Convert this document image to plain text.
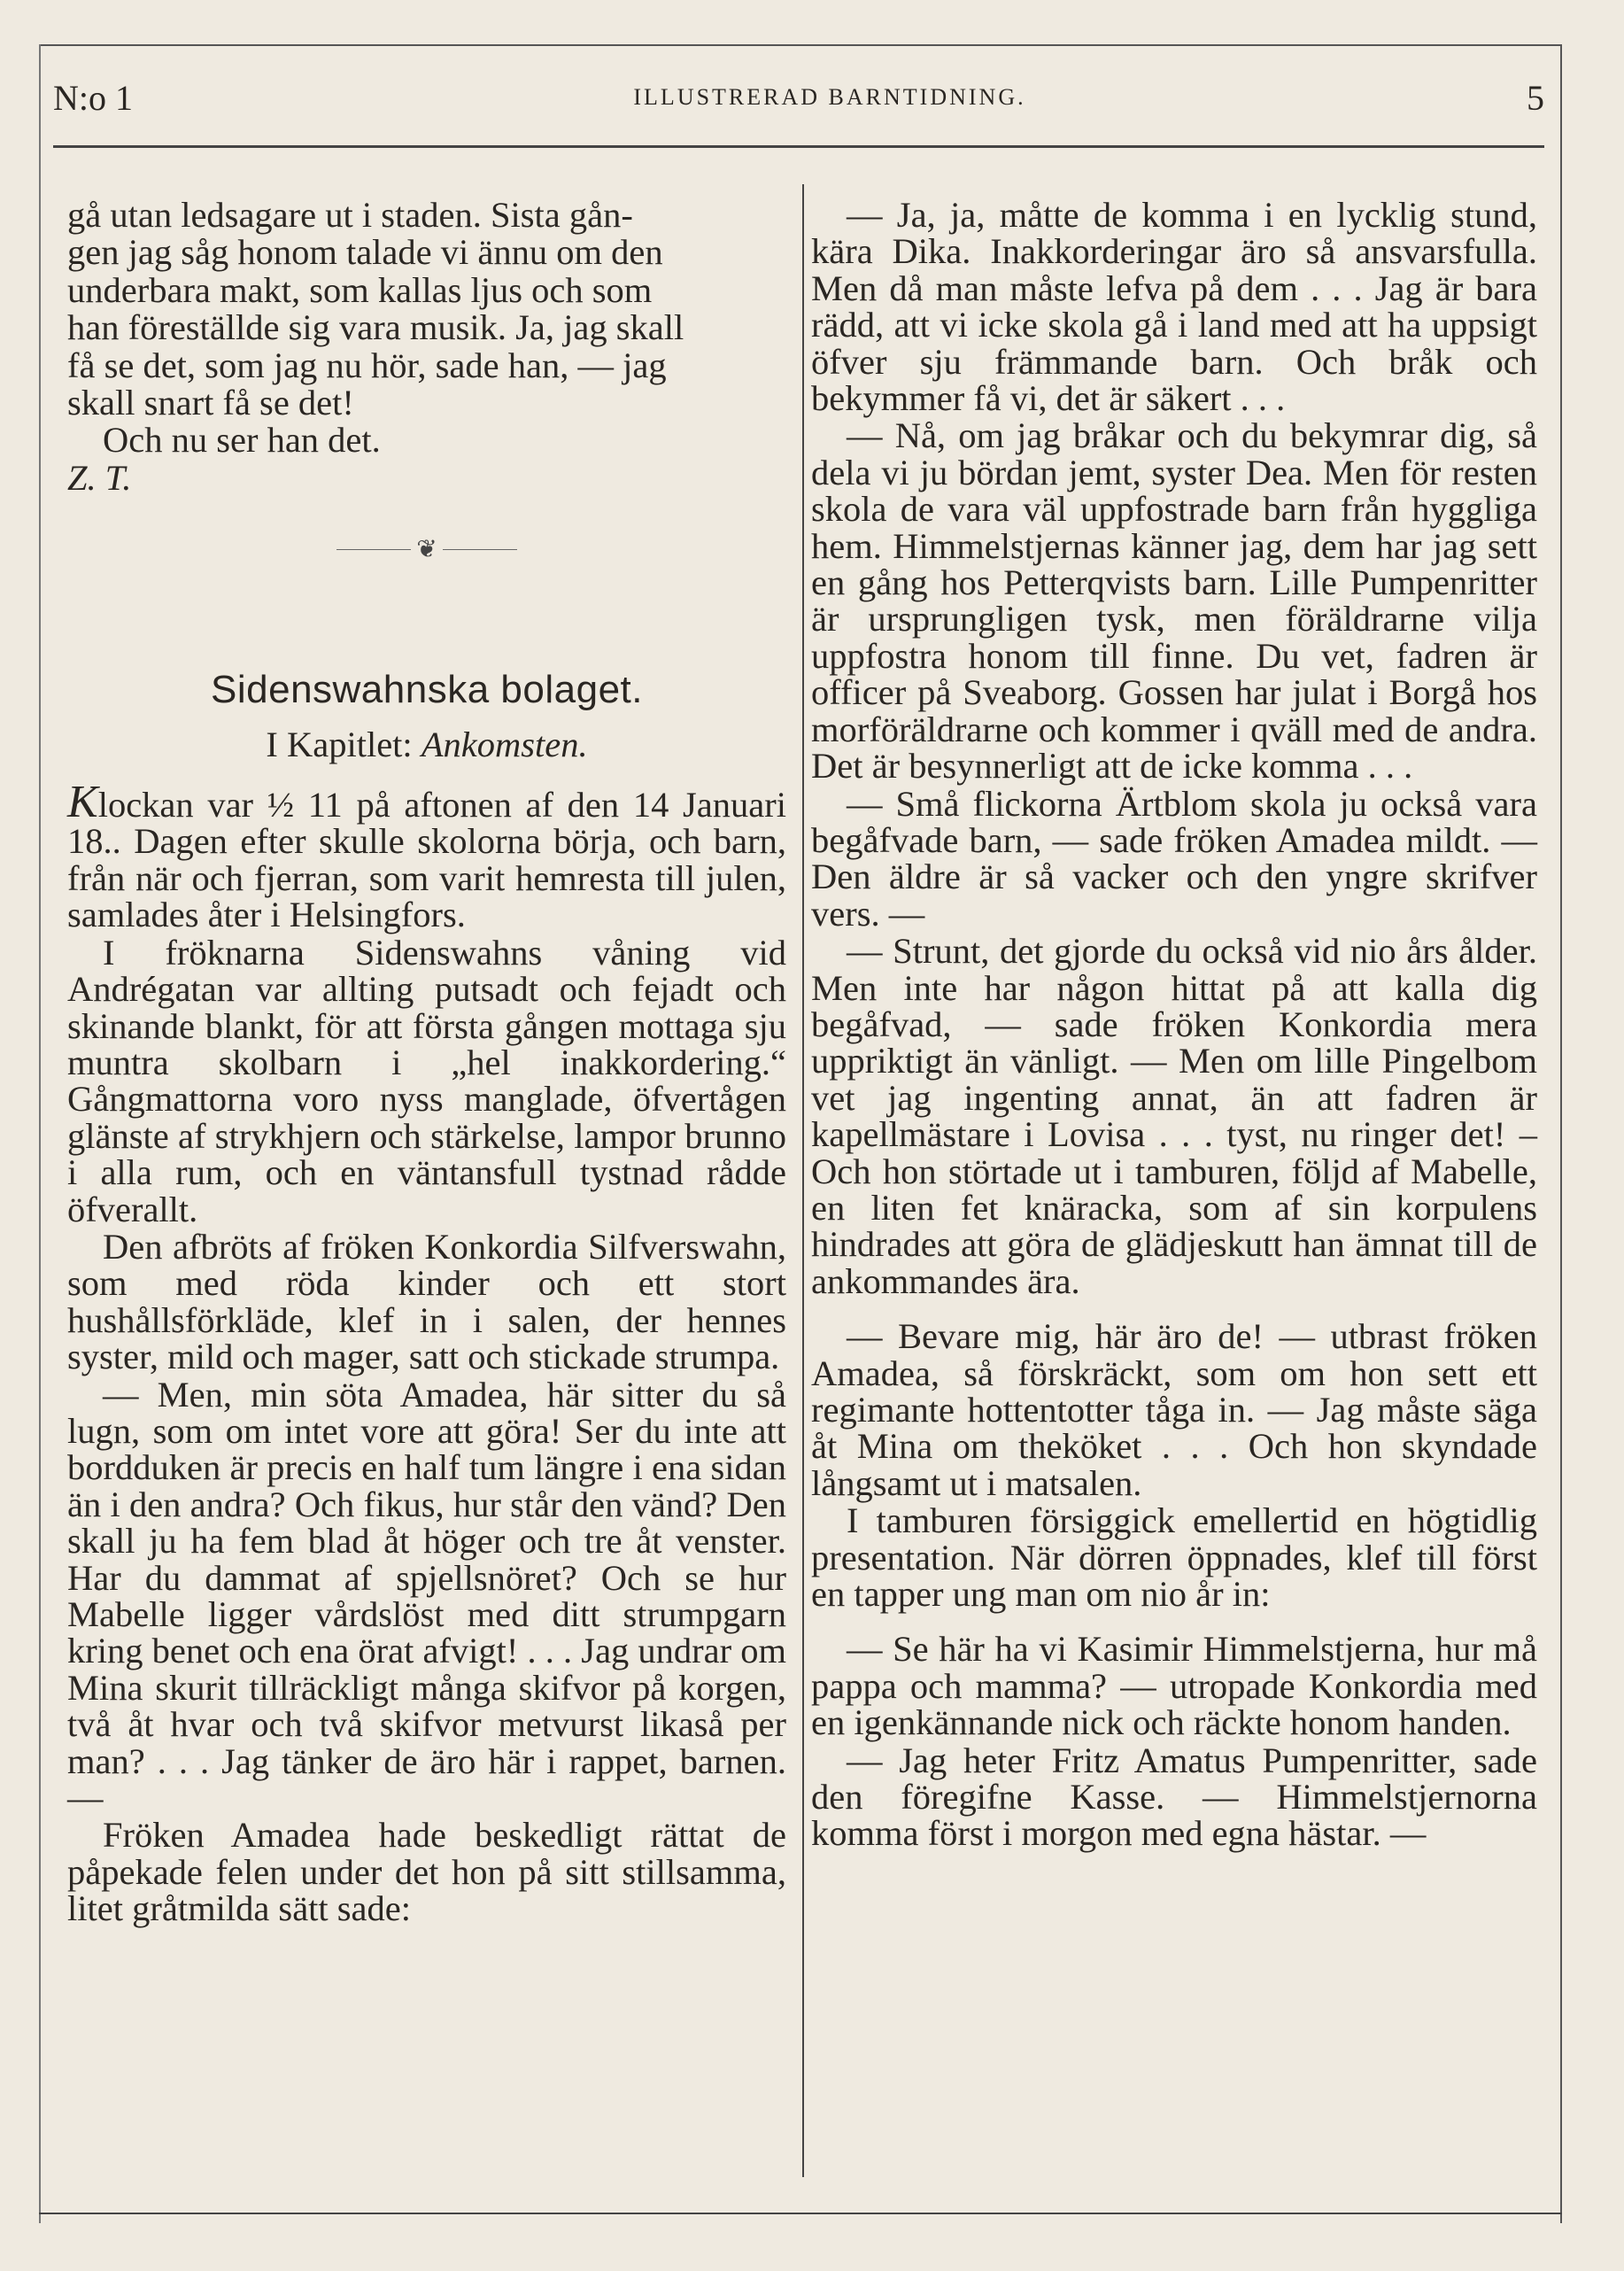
N:o 1	ILLUSTRERAD BARNTIDNING.	5

gå utan ledsagare ut i staden. Sista gån-

gen jag såg honom talade vi ännu om den

underbara makt, som kallas ljus och som

han föreställde sig vara musik. Ja, jag skall

få se det, som jag nu hör, sade han, — jag

skall snart få se det!

Och nu ser han det.

Z. T.

❦
Sidenswahnska bolaget.
I Kapitlet: Ankomsten.

Klockan var ½ 11 på aftonen af den 14 Januari 18.. Dagen efter skulle skolorna börja, och barn, från när och fjerran, som varit hemresta till julen, samlades åter i Helsingfors.

I fröknarna Sidenswahns våning vid Andrégatan var allting putsadt och fejadt och skinande blankt, för att första gången mottaga sju muntra skolbarn i „hel inakkordering.“ Gångmattorna voro nyss manglade, öfvertågen glänste af strykhjern och stärkelse, lampor brunno i alla rum, och en väntansfull tystnad rådde öfverallt.

Den afbröts af fröken Konkordia Silfverswahn, som med röda kinder och ett stort hushållsförkläde, klef in i salen, der hennes syster, mild och mager, satt och stickade strumpa.

— Men, min söta Amadea, här sitter du så lugn, som om intet vore att göra! Ser du inte att bordduken är precis en half tum längre i ena sidan än i den andra? Och fikus, hur står den vänd? Den skall ju ha fem blad åt höger och tre åt venster. Har du dammat af spjellsnöret? Och se hur Mabelle ligger vårdslöst med ditt strumpgarn kring benet och ena örat afvigt! . . . Jag undrar om Mina skurit tillräckligt många skifvor på korgen, två åt hvar och två skifvor metvurst likaså per man? . . . Jag tänker de äro här i rappet, barnen. —

Fröken Amadea hade beskedligt rättat de påpekade felen under det hon på sitt stillsamma, litet gråtmilda sätt sade:

— Ja, ja, måtte de komma i en lycklig stund, kära Dika. Inakkorderingar äro så ansvarsfulla. Men då man måste lefva på dem . . . Jag är bara rädd, att vi icke skola gå i land med att ha uppsigt öfver sju främmande barn. Och bråk och bekymmer få vi, det är säkert . . .

— Nå, om jag bråkar och du bekymrar dig, så dela vi ju bördan jemt, syster Dea. Men för resten skola de vara väl uppfostrade barn från hyggliga hem. Himmelstjernas känner jag, dem har jag sett en gång hos Petterqvists barn. Lille Pumpenritter är ursprungligen tysk, men föräldrarne vilja uppfostra honom till finne. Du vet, fadren är officer på Sveaborg. Gossen har julat i Borgå hos morföräldrarne och kommer i qväll med de andra. Det är besynnerligt att de icke komma . . .

— Små flickorna Ärtblom skola ju också vara begåfvade barn, — sade fröken Amadea mildt. — Den äldre är så vacker och den yngre skrifver vers. —

— Strunt, det gjorde du också vid nio års ålder. Men inte har någon hittat på att kalla dig begåfvad, — sade fröken Konkordia mera uppriktigt än vänligt. — Men om lille Pingelbom vet jag ingenting annat, än att fadren är kapellmästare i Lovisa . . . tyst, nu ringer det! – Och hon störtade ut i tamburen, följd af Mabelle, en liten fet knäracka, som af sin korpulens hindrades att göra de glädjeskutt han ämnat till de ankommandes ära.

— Bevare mig, här äro de! — utbrast fröken Amadea, så förskräckt, som om hon sett ett regimante hottentotter tåga in. — Jag måste säga åt Mina om theköket . . . Och hon skyndade långsamt ut i matsalen.

I tamburen försiggick emellertid en högtidlig presentation. När dörren öppnades, klef till först en tapper ung man om nio år in:

— Se här ha vi Kasimir Himmelstjerna, hur må pappa och mamma? — utropade Konkordia med en igenkännande nick och räckte honom handen.

— Jag heter Fritz Amatus Pumpenritter, sade den föregifne Kasse. — Himmelstjernorna komma först i morgon med egna hästar. —
